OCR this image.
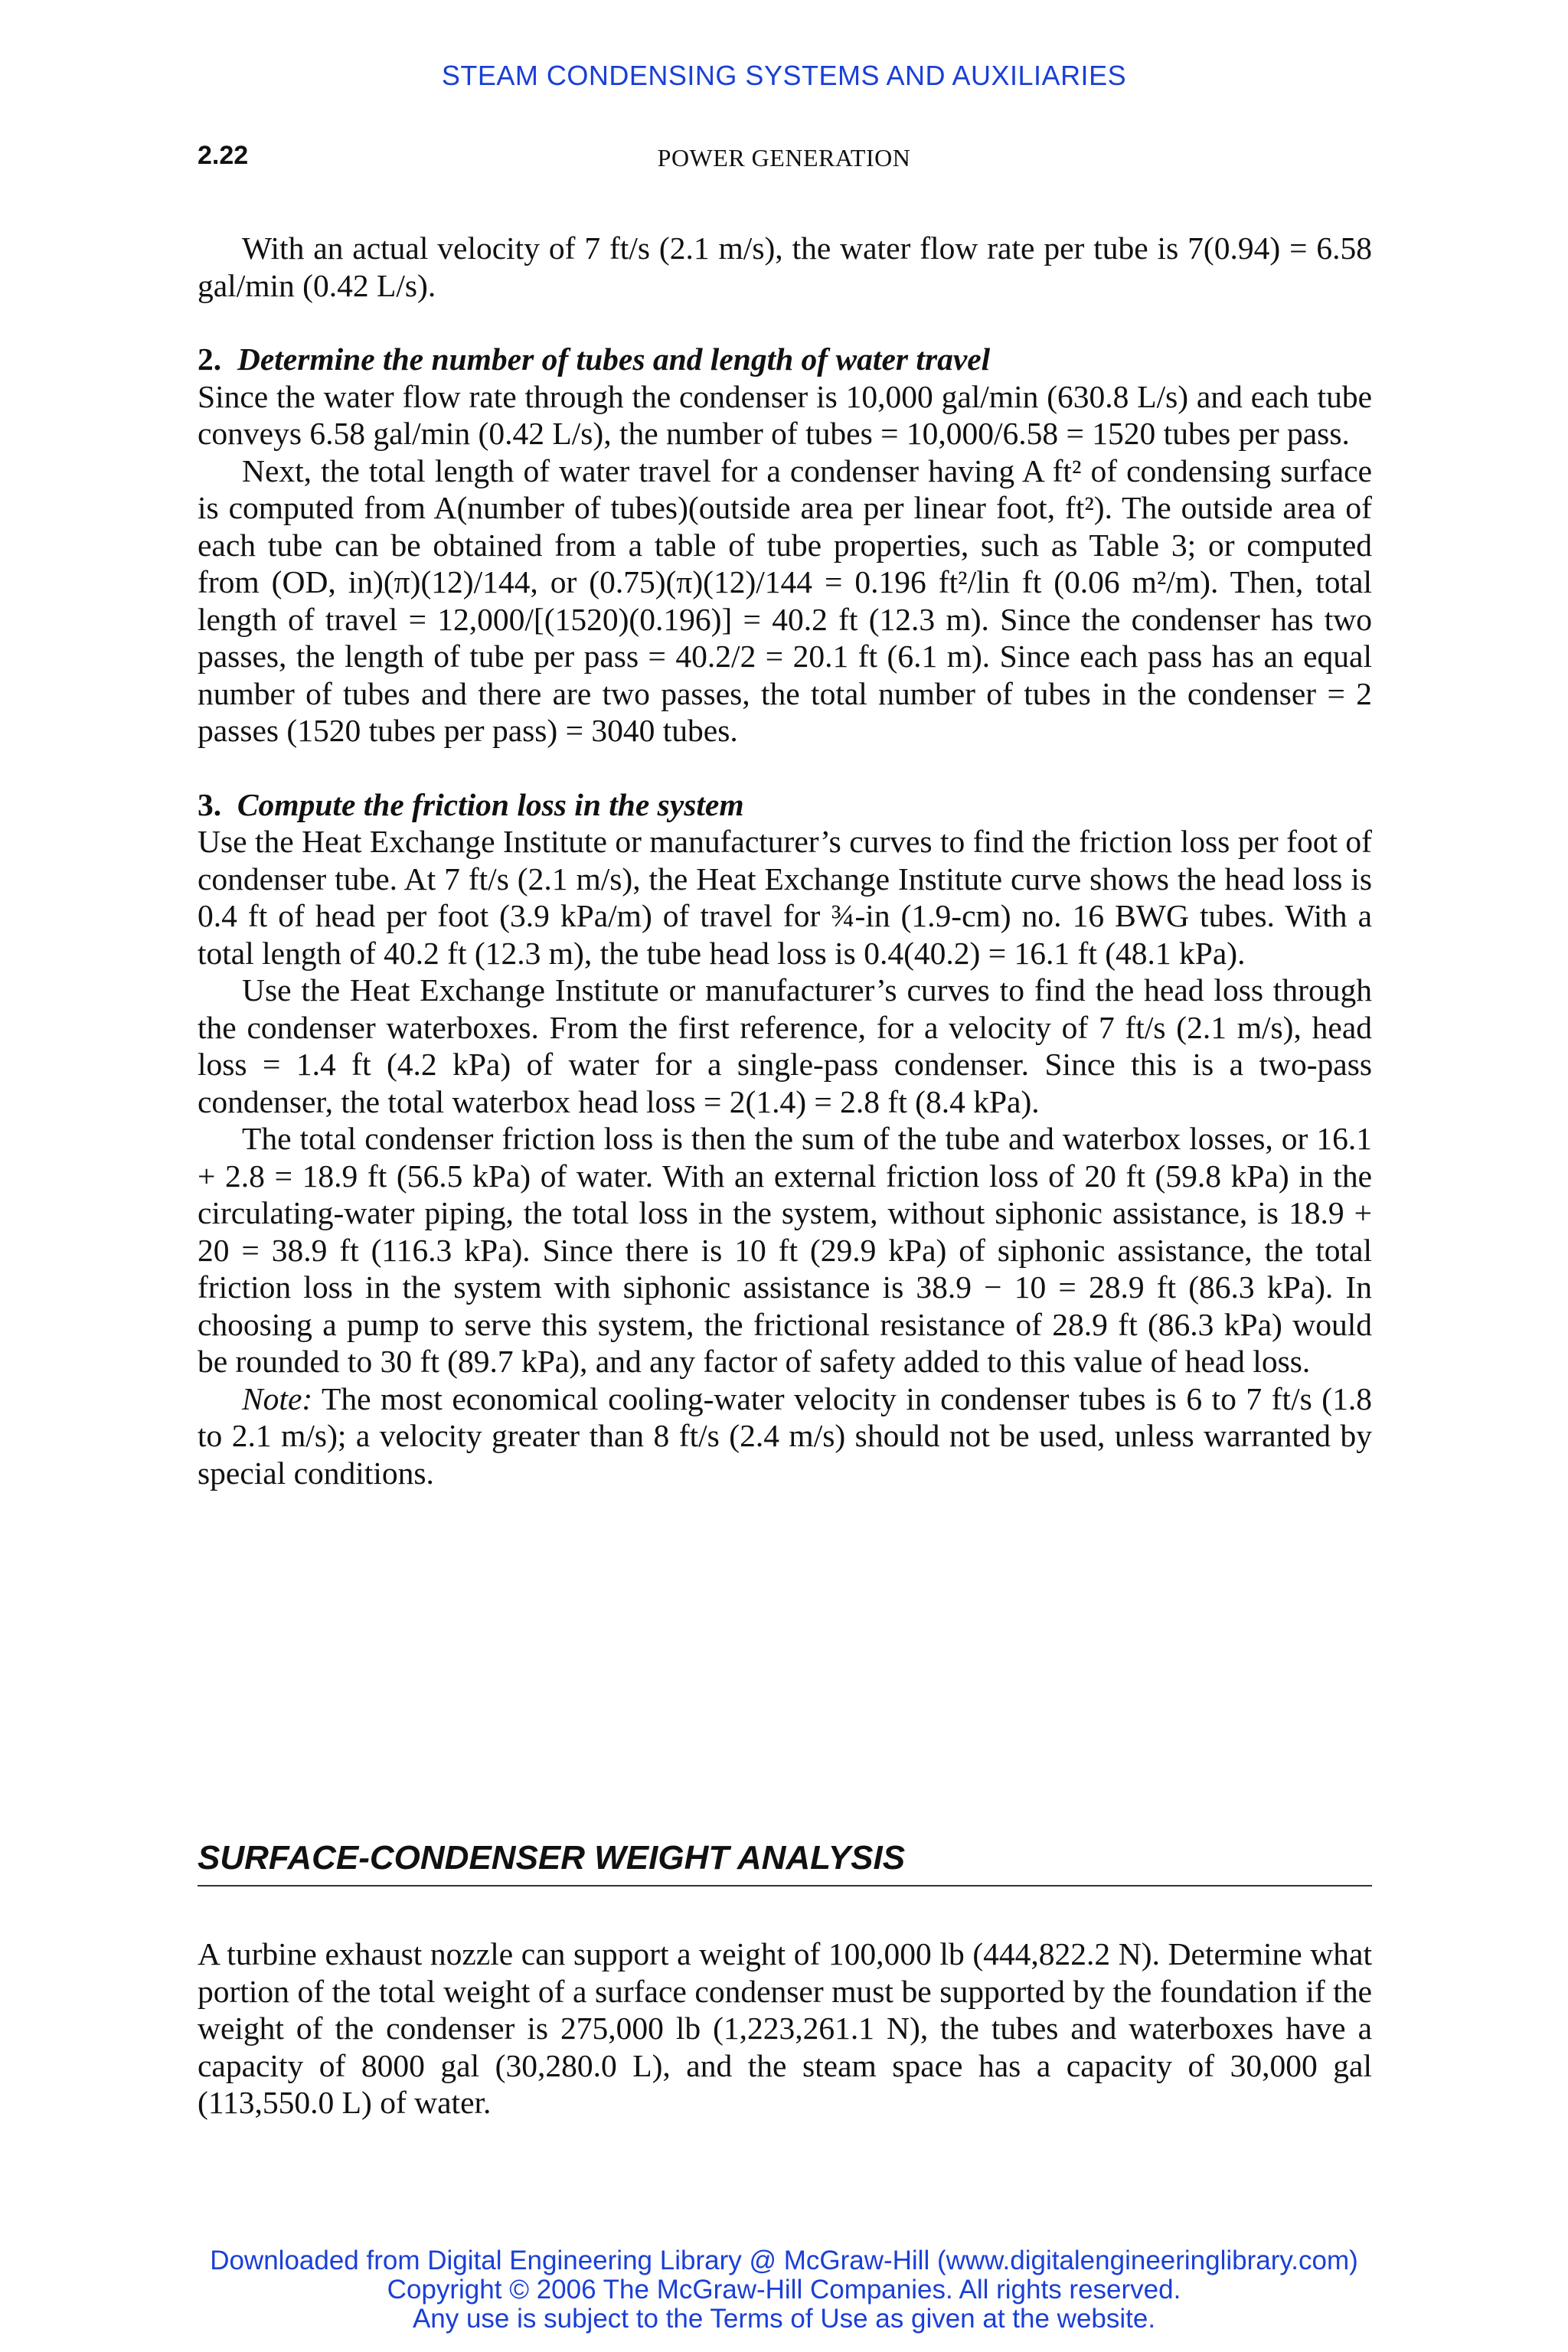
STEAM CONDENSING SYSTEMS AND AUXILIARIES
2.22	POWER GENERATION

With an actual velocity of 7 ft/s (2.1 m/s), the water flow rate per tube is 7(0.94) = 6.58 gal/min (0.42 L/s).

2. Determine the number of tubes and length of water travel

Since the water flow rate through the condenser is 10,000 gal/min (630.8 L/s) and each tube conveys 6.58 gal/min (0.42 L/s), the number of tubes = 10,000/6.58 = 1520 tubes per pass.

Next, the total length of water travel for a condenser having A ft² of condensing surface is computed from A(number of tubes)(outside area per linear foot, ft²). The outside area of each tube can be obtained from a table of tube properties, such as Table 3; or computed from (OD, in)(π)(12)/144, or (0.75)(π)(12)/144 = 0.196 ft²/lin ft (0.06 m²/m). Then, total length of travel = 12,000/[(1520)(0.196)] = 40.2 ft (12.3 m). Since the condenser has two passes, the length of tube per pass = 40.2/2 = 20.1 ft (6.1 m). Since each pass has an equal number of tubes and there are two passes, the total number of tubes in the condenser = 2 passes (1520 tubes per pass) = 3040 tubes.

3. Compute the friction loss in the system

Use the Heat Exchange Institute or manufacturer’s curves to find the friction loss per foot of condenser tube. At 7 ft/s (2.1 m/s), the Heat Exchange Institute curve shows the head loss is 0.4 ft of head per foot (3.9 kPa/m) of travel for ¾-in (1.9-cm) no. 16 BWG tubes. With a total length of 40.2 ft (12.3 m), the tube head loss is 0.4(40.2) = 16.1 ft (48.1 kPa).

Use the Heat Exchange Institute or manufacturer’s curves to find the head loss through the condenser waterboxes. From the first reference, for a velocity of 7 ft/s (2.1 m/s), head loss = 1.4 ft (4.2 kPa) of water for a single-pass condenser. Since this is a two-pass condenser, the total waterbox head loss = 2(1.4) = 2.8 ft (8.4 kPa).

The total condenser friction loss is then the sum of the tube and waterbox losses, or 16.1 + 2.8 = 18.9 ft (56.5 kPa) of water. With an external friction loss of 20 ft (59.8 kPa) in the circulating-water piping, the total loss in the system, without siphonic assistance, is 18.9 + 20 = 38.9 ft (116.3 kPa). Since there is 10 ft (29.9 kPa) of siphonic assistance, the total friction loss in the system with siphonic assistance is 38.9 − 10 = 28.9 ft (86.3 kPa). In choosing a pump to serve this system, the frictional resistance of 28.9 ft (86.3 kPa) would be rounded to 30 ft (89.7 kPa), and any factor of safety added to this value of head loss.

Note: The most economical cooling-water velocity in condenser tubes is 6 to 7 ft/s (1.8 to 2.1 m/s); a velocity greater than 8 ft/s (2.4 m/s) should not be used, unless warranted by special conditions.

SURFACE-CONDENSER WEIGHT ANALYSIS

A turbine exhaust nozzle can support a weight of 100,000 lb (444,822.2 N). Determine what portion of the total weight of a surface condenser must be supported by the foundation if the weight of the condenser is 275,000 lb (1,223,261.1 N), the tubes and waterboxes have a capacity of 8000 gal (30,280.0 L), and the steam space has a capacity of 30,000 gal (113,550.0 L) of water.

Downloaded from Digital Engineering Library @ McGraw-Hill (www.digitalengineeringlibrary.com)
Copyright © 2006 The McGraw-Hill Companies. All rights reserved.
Any use is subject to the Terms of Use as given at the website.
